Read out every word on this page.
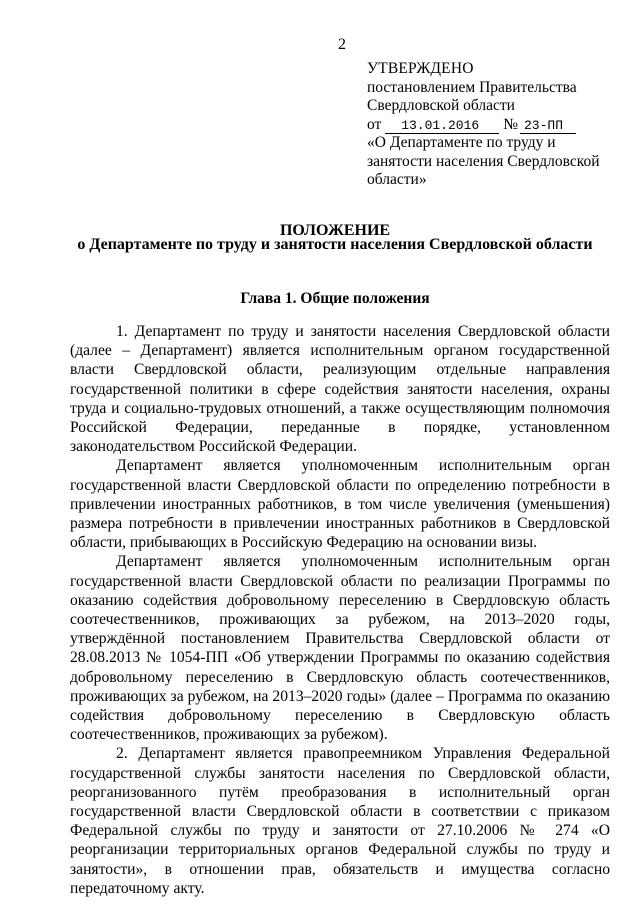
2
УТВЕРЖДЕНО
постановлением Правительства
Свердловской области
от 13.01.2016 № 23-ПП
«О Департаменте по труду и
занятости населения Свердловской
области»
ПОЛОЖЕНИЕ
о Департаменте по труду и занятости населения Свердловской области
Глава 1. Общие положения

1. Департамент по труду и занятости населения Свердловской области (далее – Департамент) является исполнительным органом государственной власти Свердловской области, реализующим отдельные направления государственной политики в сфере содействия занятости населения, охраны труда и социально-трудовых отношений, а также осуществляющим полномочия Российской Федерации, переданные в порядке, установленном законодательством Российской Федерации.

Департамент является уполномоченным исполнительным орган государственной власти Свердловской области по определению потребности в привлечении иностранных работников, в том числе увеличения (уменьшения) размера потребности в привлечении иностранных работников в Свердловской области, прибывающих в Российскую Федерацию на основании визы.

Департамент является уполномоченным исполнительным орган государственной власти Свердловской области по реализации Программы по оказанию содействия добровольному переселению в Свердловскую область соотечественников, проживающих за рубежом, на 2013–2020 годы, утверждённой постановлением Правительства Свердловской области от 28.08.2013 № 1054-ПП «Об утверждении Программы по оказанию содействия добровольному переселению в Свердловскую область соотечественников, проживающих за рубежом, на 2013–2020 годы» (далее – Программа по оказанию содействия добровольному переселению в Свердловскую область соотечественников, проживающих за рубежом).

2. Департамент является правопреемником Управления Федеральной государственной службы занятости населения по Свердловской области, реорганизованного путём преобразования в исполнительный орган государственной власти Свердловской области в соответствии с приказом Федеральной службы по труду и занятости от 27.10.2006 № 274 «О реорганизации территориальных органов Федеральной службы по труду и занятости», в отношении прав, обязательств и имущества согласно передаточному акту.
